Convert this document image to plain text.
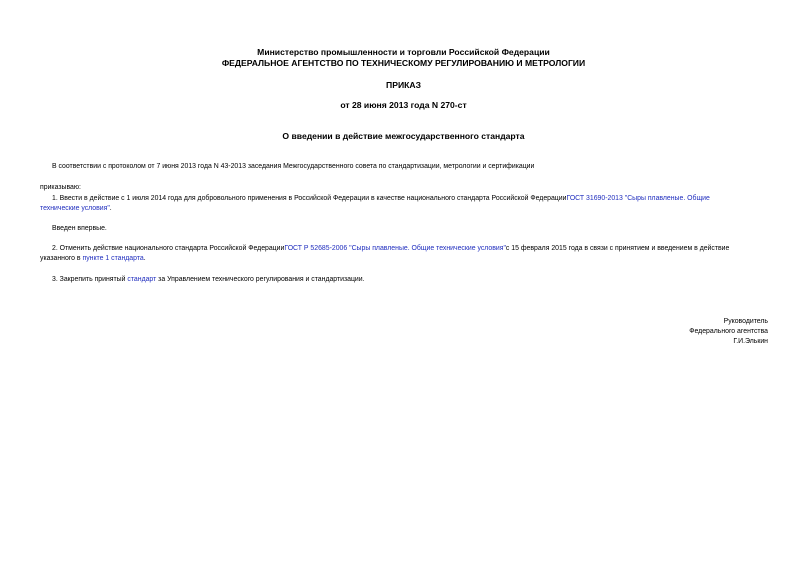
Министерство промышленности и торговли Российской Федерации
ФЕДЕРАЛЬНОЕ АГЕНТСТВО ПО ТЕХНИЧЕСКОМУ РЕГУЛИРОВАНИЮ И МЕТРОЛОГИИ
ПРИКАЗ
от 28 июня 2013 года N 270-ст
О введении в действие межгосударственного стандарта
В соответствии с протоколом от 7 июня 2013 года N 43-2013 заседания Межгосударственного совета по стандартизации, метрологии и сертификации
приказываю:
1. Ввести в действие с 1 июля 2014 года для добровольного применения в Российской Федерации в качестве национального стандарта Российской ФедерацииГОСТ 31690-2013 "Сыры плавленые. Общие
технические условия".
Введен впервые.
2. Отменить действие национального стандарта Российской ФедерацииГОСТ Р 52685-2006 "Сыры плавленые. Общие технические условия"с 15 февраля 2015 года в связи с принятием и введением в действие
указанного в пункте 1 стандарта.
3. Закрепить принятый стандарт за Управлением технического регулирования и стандартизации.
Руководитель
Федерального агентства
Г.И.Элькин
